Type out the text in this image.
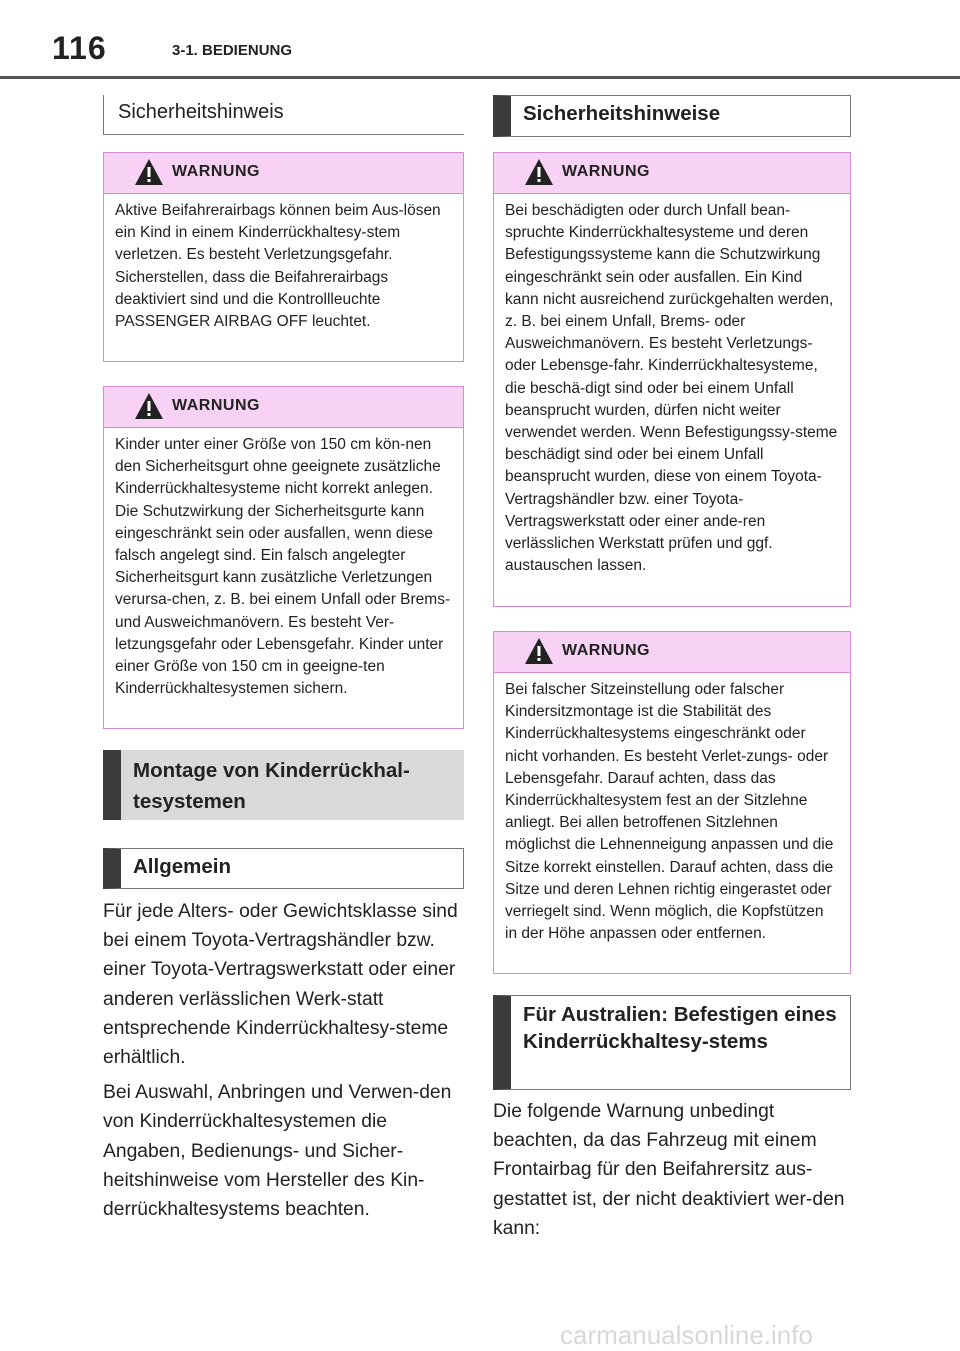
116	3-1. BEDIENUNG
Sicherheitshinweis
WARNUNG
Aktive Beifahrerairbags können beim Aus-lösen ein Kind in einem Kinderrückhaltesy-stem verletzen. Es besteht Verletzungsgefahr. Sicherstellen, dass die Beifahrerairbags deaktiviert sind und die Kontrollleuchte PASSENGER AIRBAG OFF leuchtet.
WARNUNG
Kinder unter einer Größe von 150 cm kön-nen den Sicherheitsgurt ohne geeignete zusätzliche Kinderrückhaltesysteme nicht korrekt anlegen. Die Schutzwirkung der Sicherheitsgurte kann eingeschränkt sein oder ausfallen, wenn diese falsch angelegt sind. Ein falsch angelegter Sicherheitsgurt kann zusätzliche Verletzungen verursa-chen, z. B. bei einem Unfall oder Brems-und Ausweichmanövern. Es besteht Ver-letzungsgefahr oder Lebensgefahr. Kinder unter einer Größe von 150 cm in geeigne-ten Kinderrückhaltesystemen sichern.
Montage von Kinderrückhal-tesystemen
Allgemein

Für jede Alters- oder Gewichtsklasse sind bei einem Toyota-Vertragshändler bzw. einer Toyota-Vertragswerkstatt oder einer anderen verlässlichen Werk-statt entsprechende Kinderrückhaltesy-steme erhältlich.

Bei Auswahl, Anbringen und Verwen-den von Kinderrückhaltesystemen die Angaben, Bedienungs- und Sicher-heitshinweise vom Hersteller des Kin-derrückhaltesystems beachten.

Sicherheitshinweise
WARNUNG
Bei beschädigten oder durch Unfall bean-spruchte Kinderrückhaltesysteme und deren Befestigungssysteme kann die Schutzwirkung eingeschränkt sein oder ausfallen. Ein Kind kann nicht ausreichend zurückgehalten werden, z. B. bei einem Unfall, Brems- oder Ausweichmanövern. Es besteht Verletzungs- oder Lebensge-fahr. Kinderrückhaltesysteme, die beschä-digt sind oder bei einem Unfall beansprucht wurden, dürfen nicht weiter verwendet werden. Wenn Befestigungssy-steme beschädigt sind oder bei einem Unfall beansprucht wurden, diese von einem Toyota-Vertragshändler bzw. einer Toyota-Vertragswerkstatt oder einer ande-ren verlässlichen Werkstatt prüfen und ggf. austauschen lassen.
WARNUNG
Bei falscher Sitzeinstellung oder falscher Kindersitzmontage ist die Stabilität des Kinderrückhaltesystems eingeschränkt oder nicht vorhanden. Es besteht Verlet-zungs- oder Lebensgefahr. Darauf achten, dass das Kinderrückhaltesystem fest an der Sitzlehne anliegt. Bei allen betroffenen Sitzlehnen möglichst die Lehnenneigung anpassen und die Sitze korrekt einstellen. Darauf achten, dass die Sitze und deren Lehnen richtig eingerastet oder verriegelt sind. Wenn möglich, die Kopfstützen in der Höhe anpassen oder entfernen.
Für Australien: Befestigen eines Kinderrückhaltesy-stems

Die folgende Warnung unbedingt beachten, da das Fahrzeug mit einem Frontairbag für den Beifahrersitz aus-gestattet ist, der nicht deaktiviert wer-den kann:

carmanualsonline.info
